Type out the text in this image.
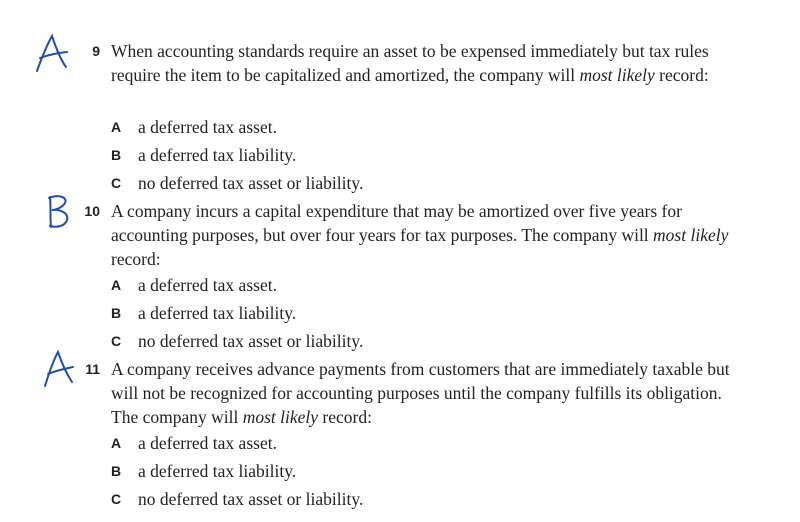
9 When accounting standards require an asset to be expensed immediately but tax rules require the item to be capitalized and amortized, the company will most likely record:
A a deferred tax asset.
B a deferred tax liability.
C no deferred tax asset or liability.
10 A company incurs a capital expenditure that may be amortized over five years for accounting purposes, but over four years for tax purposes. The company will most likely record:
A a deferred tax asset.
B a deferred tax liability.
C no deferred tax asset or liability.
11 A company receives advance payments from customers that are immediately taxable but will not be recognized for accounting purposes until the company fulfills its obligation. The company will most likely record:
A a deferred tax asset.
B a deferred tax liability.
C no deferred tax asset or liability.
